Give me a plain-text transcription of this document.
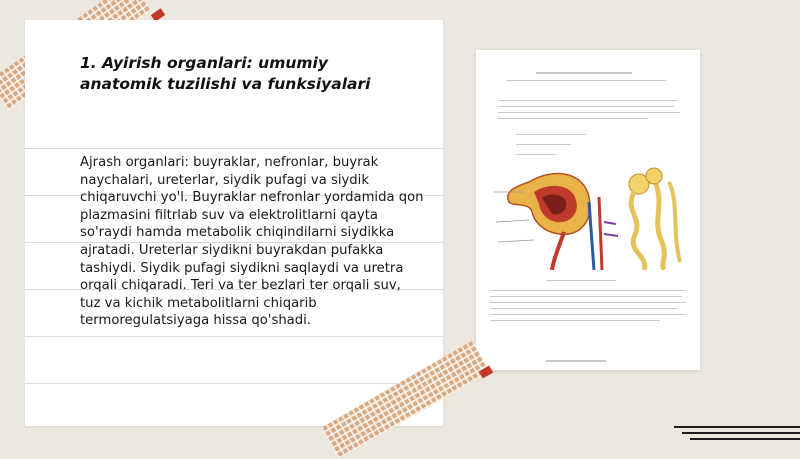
1. Ayirish organlari: umumiy anatomik tuzilishi va funksiyalari

Ajrash organlari: buyraklar, nefronlar, buyrak naychalari, ureterlar, siydik pufagi va siydik chiqaruvchi yo'l. Buyraklar nefronlar yordamida qon plazmasini filtrlab suv va elektrolitlarni qayta so'raydi hamda metabolik chiqindilarni siydikka ajratadi. Ureterlar siydikni buyrakdan pufakka tashiydi. Siydik pufagi siydikni saqlaydi va uretra orqali chiqaradi. Teri va ter bezlari ter orqali suv, tuz va kichik metabolitlarni chiqarib termoregulatsiyaga hissa qo'shadi.
